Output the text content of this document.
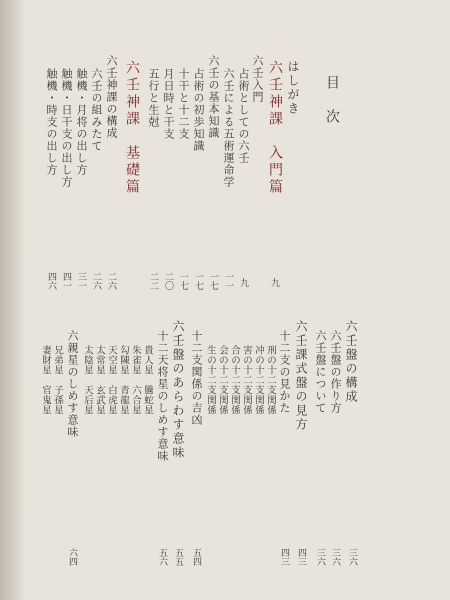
目　次
はしがき
六壬神課　入門篇
六壬入門
占術としての六壬
六壬による五術運命学
六壬の基本知識
占術の初歩知識
十干と十二支
月日時と干支
五行と生尅
六壬神課　基礎篇
六壬神課の構成
六壬の組みたて
触機・月将の出し方
触機・日干支の出し方
触機・時支の出し方
九
九
一一
一七
一七
一七
二〇
二二
二六
二六
三一
四一
四六
六壬盤の構成
六壬盤の作り方
六壬盤について
六壬課式盤の見方
十二支の見かた
刑の十二支関係
冲の十二支関係
害の十二支関係
合の十二支関係
会の十二支関係
生の十二支関係
十二支関係の吉凶
六壬盤のあらわす意味
十二天将星のしめす意味
貴人星　騰蛇星
朱雀星　六合星
勾陳星　青龍星
天空星　白虎星
太常星　玄武星
太陰星　天后星
六親星のしめす意味
兄弟星　子孫星
妻財星　官鬼星
三六
三六
三六
四三
四三
五四
五五
五六
六四
